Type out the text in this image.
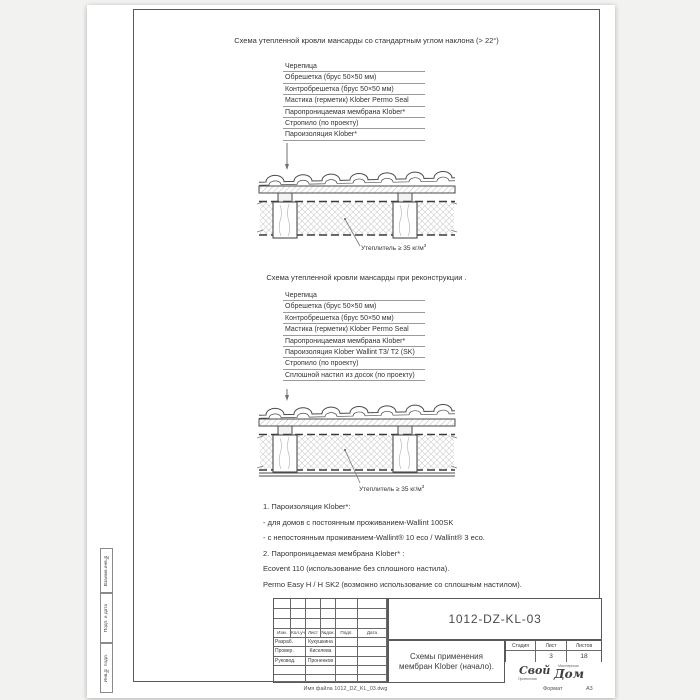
Схема утепленной кровли мансарды со стандартным углом наклона (> 22°)
Схема утепленной кровли мансарды при реконструкции .
Черепица
Обрешетка (брус 50×50 мм)
Контробрешетка (брус 50×50 мм)
Мастика (герметик) Klober Permo Seal
Паропроницаемая мембрана Klober*
Стропило (по проекту)
Пароизоляция Klober*
Утеплитель ≥ 35 $кг/м^3$
Черепица
Обрешетка (брус 50×50 мм)
Контробрешетка (брус 50×50 мм)
Мастика (герметик) Klober Permo Seal
Паропроницаемая мембрана Klober*
Пароизоляция Klober Wallint T3/ T2 (SK)
Стропило (по проекту)
Сплошной настил из досок (по проекту)
Утеплитель ≥ 35 $кг/м^3$
1. Пароизоляция Klober*:
- для домов с постоянным проживанием-Wallint 100SK
- с непостоянным проживанием-Wallint® 10 eco / Wallint® 3 eco.
2. Паропроницаемая мембрана Klober* :
Ecovent 110 (использование без сплошного настила).
Permo Easy H / H SK2 (возможно использование со сплошным настилом).
Взаимн.инв.№
Подп. и дата
Инв.№ подл.
Изм. Кол.уч Лист №док.	Подп.	Дата
Разраб.	Кукушкина
Провер.	Киселева
Руковод.	Проненков
1012-DZ-KL-03
Схемы применения
мембран Klober (начало).
Стадия	Лист	Листов
3	18
Свой
Проектная Дом
Мастерская
Имя файла 1012_DZ_KL_03.dwg	Формат	А3
